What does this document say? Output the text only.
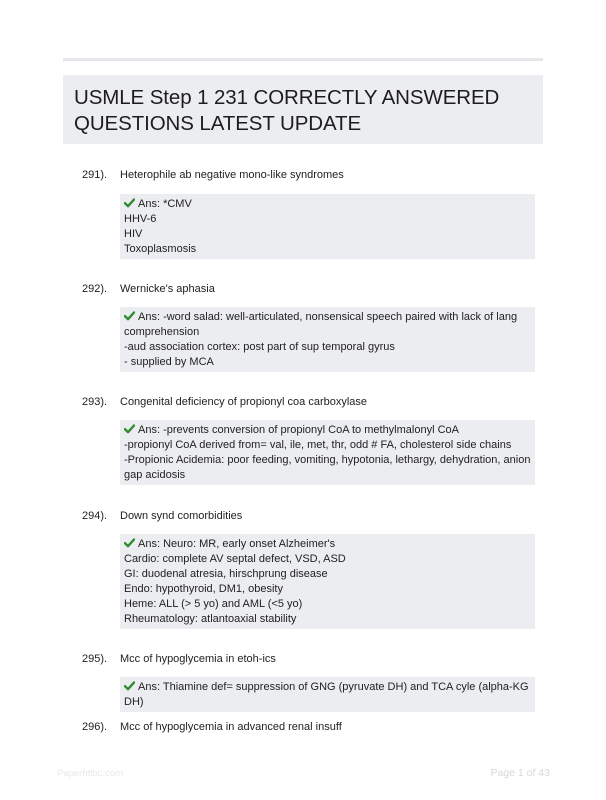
USMLE Step 1 231 CORRECTLY ANSWERED
QUESTIONS LATEST UPDATE
291). Heterophile ab negative mono-like syndromes
Ans: *CMV
HHV-6
HIV
Toxoplasmosis
292). Wernicke's aphasia
Ans: -word salad: well-articulated, nonsensical speech paired with lack of lang
comprehension
-aud association cortex: post part of sup temporal gyrus
- supplied by MCA
293). Congenital deficiency of propionyl coa carboxylase
Ans: -prevents conversion of propionyl CoA to methylmalonyl CoA
-propionyl CoA derived from= val, ile, met, thr, odd # FA, cholesterol side chains
-Propionic Acidemia: poor feeding, vomiting, hypotonia, lethargy, dehydration, anion
gap acidosis
294). Down synd comorbidities
Ans: Neuro: MR, early onset Alzheimer's
Cardio: complete AV septal defect, VSD, ASD
GI: duodenal atresia, hirschprung disease
Endo: hypothyroid, DM1, obesity
Heme: ALL (> 5 yo) and AML (<5 yo)
Rheumatology: atlantoaxial stability
295). Mcc of hypoglycemia in etoh-ics
Ans: Thiamine def= suppression of GNG (pyruvate DH) and TCA cyle (alpha-KG DH)
296). Mcc of hypoglycemia in advanced renal insuff
Paperhtlbc.com	Page 1 of 43
